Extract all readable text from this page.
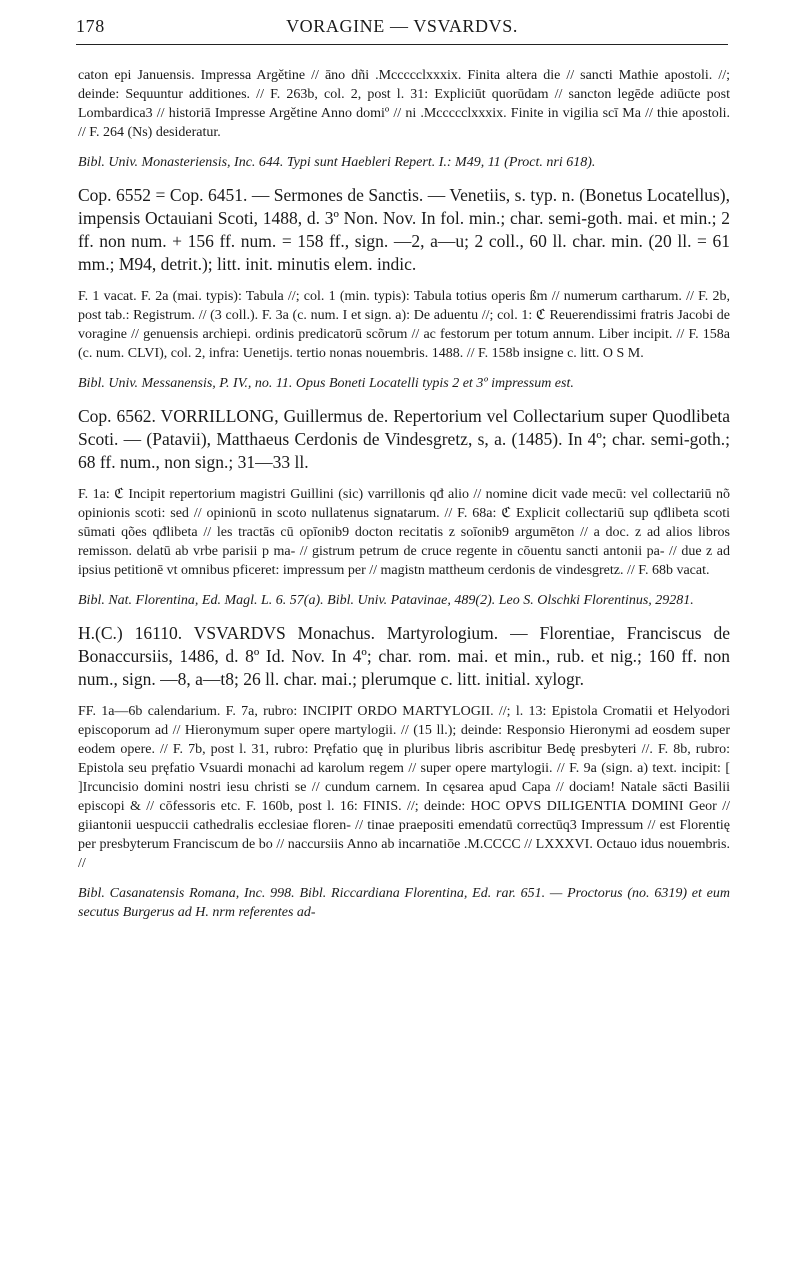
178	VORAGINE — VSVARDVS.

caton epi Januensis. Impressa Argětine // āno dñi .Mccccclxxxix. Finita altera die // sancti Mathie apostoli. //; deinde: Sequuntur additiones. // F. 263b, col. 2, post l. 31: Expliciūt quorūdam // sancton legēde adiūcte post Lombardica3 // historiā Impresse Argětine Anno domiº // ni .Mccccclxxxix. Finite in vigilia scī Ma // thie apostoli. // F. 264 (Ns) desideratur.

Bibl. Univ. Monasteriensis, Inc. 644. Typi sunt Haebleri Repert. I.: M49, 11 (Proct. nri 618).

Cop. 6552 = Cop. 6451. — Sermones de Sanctis. — Venetiis, s. typ. n. (Bonetus Locatellus), impensis Octauiani Scoti, 1488, d. 3º Non. Nov. In fol. min.; char. semi-goth. mai. et min.; 2 ff. non num. + 156 ff. num. = 158 ff., sign. —2, a—u; 2 coll., 60 ll. char. min. (20 ll. = 61 mm.; M94, detrit.); litt. init. minutis elem. indic.

F. 1 vacat. F. 2a (mai. typis): Tabula //; col. 1 (min. typis): Tabula totius operis ßm // numerum cartharum. // F. 2b, post tab.: Registrum. // (3 coll.). F. 3a (c. num. I et sign. a): De aduentu //; col. 1: ℭ Reuerendissimi fratris Jacobi de voragine // genuensis archiepi. ordinis predicatorū scõrum // ac festorum per totum annum. Liber incipit. // F. 158a (c. num. CLVI), col. 2, infra: Uenetijs. tertio nonas nouembris. 1488. // F. 158b insigne c. litt. O S M.

Bibl. Univ. Messanensis, P. IV., no. 11. Opus Boneti Locatelli typis 2 et 3º impressum est.

Cop. 6562. VORRILLONG, Guillermus de. Repertorium vel Collectarium super Quodlibeta Scoti. — (Patavii), Matthaeus Cerdonis de Vindesgretz, s, a. (1485). In 4º; char. semi-goth.; 68 ff. num., non sign.; 31—33 ll.

F. 1a: ℭ Incipit repertorium magistri Guillini (sic) varrillonis qđ alio // nomine dicit vade mecū: vel collectariū nõ opinionis scoti: sed // opinionū in scoto nullatenus signatarum. // F. 68a: ℭ Explicit collectariū sup qđlibeta scoti sūmati qões qđlibeta // les tractās cū opīonib9 docton recitatis z soīonib9 argumēton // a doc. z ad alios libros remisson. delatū ab vrbe parisii p ma- // gistrum petrum de cruce regente in cōuentu sancti antonii pa- // due z ad ipsius petitionē vt omnibus pficeret: impressum per // magistn mattheum cerdonis de vindesgretz. // F. 68b vacat.

Bibl. Nat. Florentina, Ed. Magl. L. 6. 57(a). Bibl. Univ. Patavinae, 489(2). Leo S. Olschki Florentinus, 29281.

H.(C.) 16110. VSVARDVS Monachus. Martyrologium. — Florentiae, Franciscus de Bonaccursiis, 1486, d. 8º Id. Nov. In 4º; char. rom. mai. et min., rub. et nig.; 160 ff. non num., sign. —8, a—t8; 26 ll. char. mai.; plerumque c. litt. initial. xylogr.

FF. 1a—6b calendarium. F. 7a, rubro: INCIPIT ORDO MARTYLOGII. //; l. 13: Epistola Cromatii et Helyodori episcoporum ad // Hieronymum super opere martylogii. // (15 ll.); deinde: Responsio Hieronymi ad eosdem super eodem opere. // F. 7b, post l. 31, rubro: Pręfatio quę in pluribus libris ascribitur Bedę presbyteri //. F. 8b, rubro: Epistola seu pręfatio Vsuardi monachi ad karolum regem // super opere martylogii. // F. 9a (sign. a) text. incipit: [ ]Ircuncisio domini nostri iesu christi se // cundum carnem. In cęsarea apud Capa // dociam! Natale sācti Basilii episcopi & // cōfessoris etc. F. 160b, post l. 16: FINIS. //; deinde: HOC OPVS DILIGENTIA DOMINI Geor // giiantonii uespuccii cathedralis ecclesiae floren- // tinae praepositi emendatū correctūq3 Impressum // est Florentię per presbyterum Franciscum de bo // naccursiis Anno ab incarnatiōe .M.CCCC // LXXXVI. Octauo idus nouembris. //

Bibl. Casanatensis Romana, Inc. 998. Bibl. Riccardiana Florentina, Ed. rar. 651. — Proctorus (no. 6319) et eum secutus Burgerus ad H. nrm referentes ad-
